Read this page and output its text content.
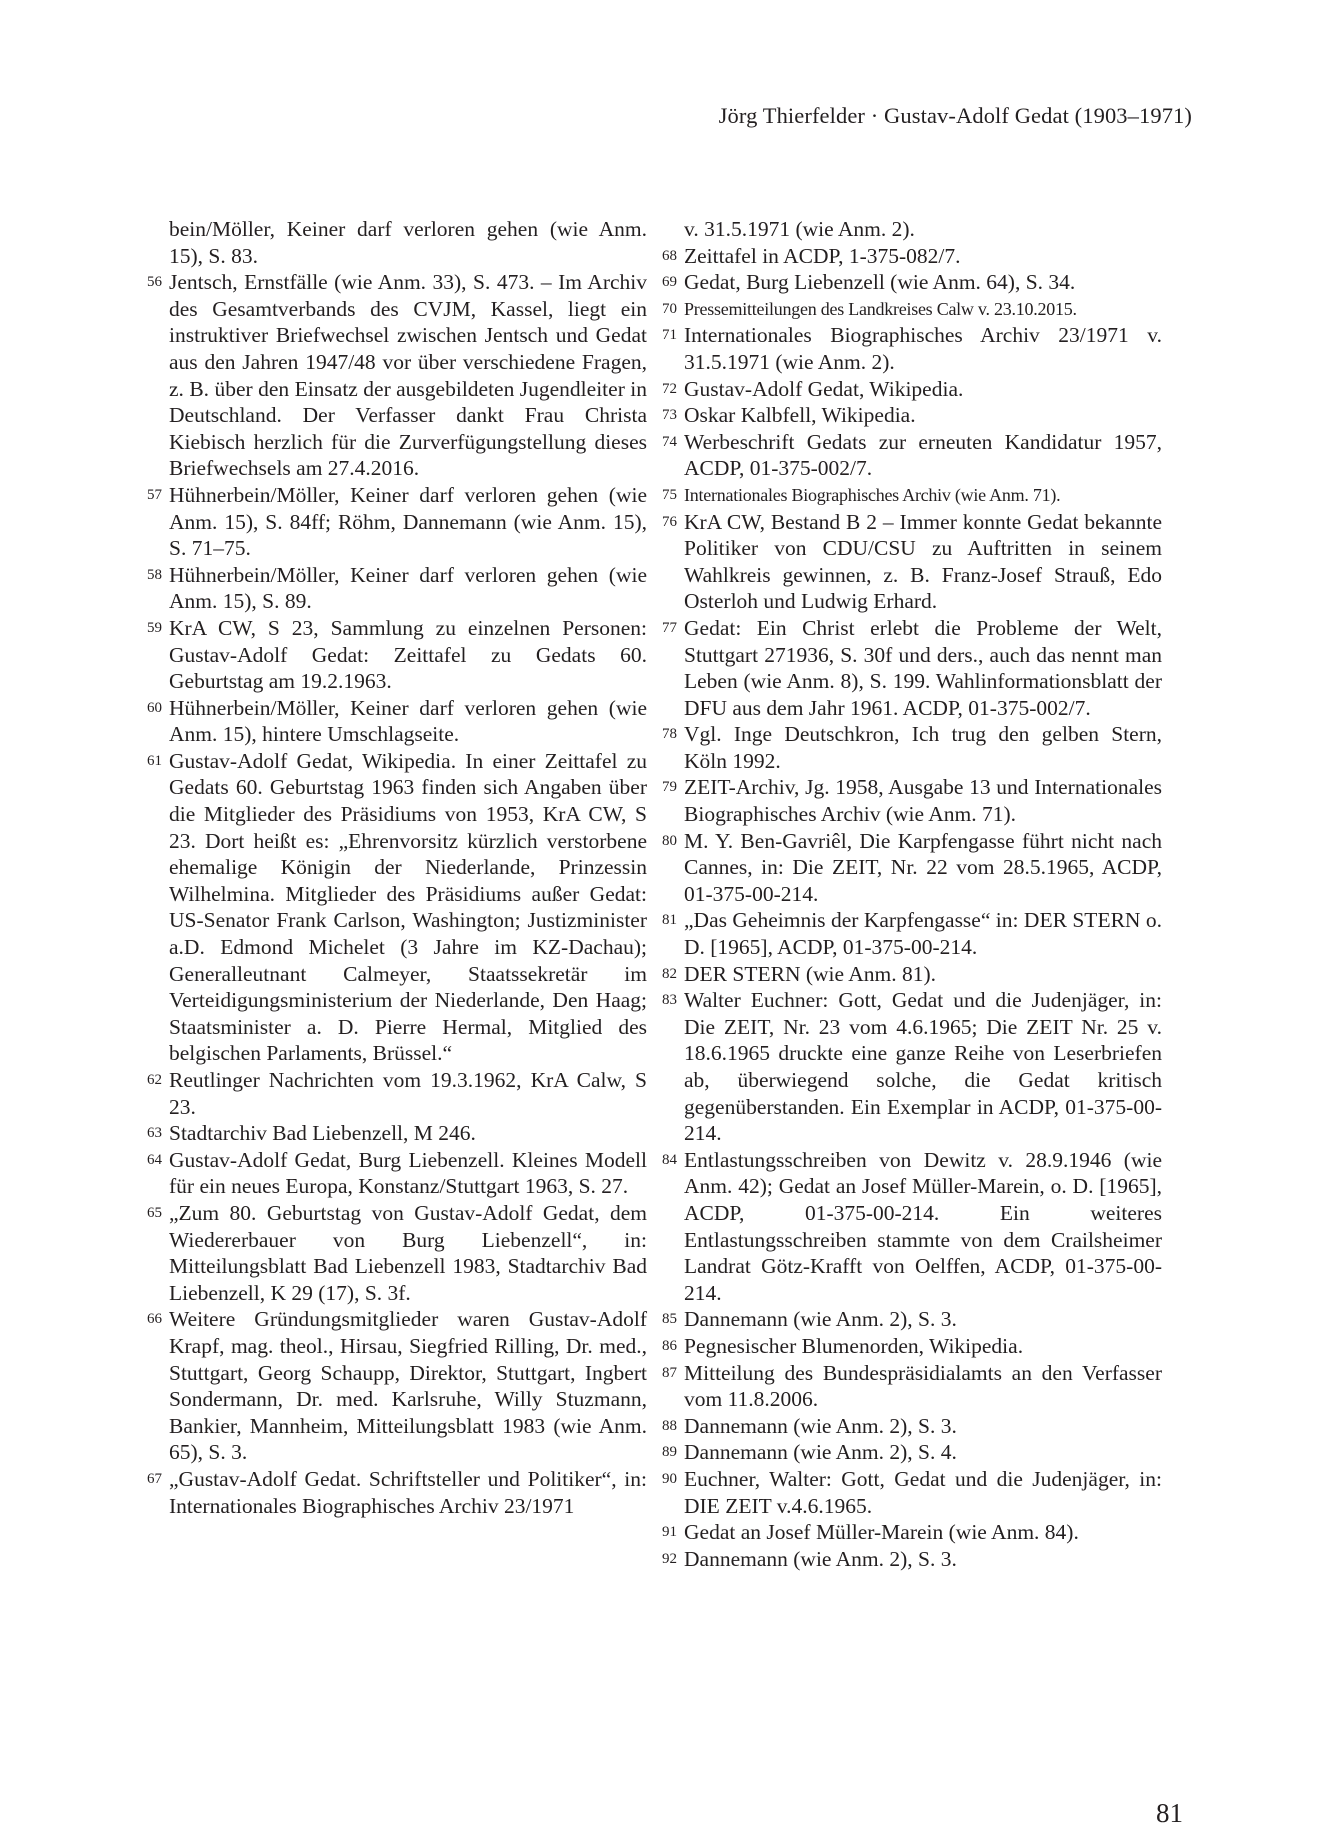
Jörg Thierfelder · Gustav-Adolf Gedat (1903–1971)
bein/Möller, Keiner darf verloren gehen (wie Anm. 15), S. 83.
56 Jentsch, Ernstfälle (wie Anm. 33), S. 473. – Im Archiv des Gesamtverbands des CVJM, Kassel, liegt ein instruktiver Briefwechsel zwischen Jentsch und Gedat aus den Jahren 1947/48 vor über verschiedene Fragen, z. B. über den Einsatz der ausgebildeten Jugendleiter in Deutschland. Der Verfasser dankt Frau Christa Kiebisch herzlich für die Zurverfügungstellung dieses Briefwechsels am 27.4.2016.
57 Hühnerbein/Möller, Keiner darf verloren gehen (wie Anm. 15), S. 84ff; Röhm, Dannemann (wie Anm. 15), S. 71–75.
58 Hühnerbein/Möller, Keiner darf verloren gehen (wie Anm. 15), S. 89.
59 KrA CW, S 23, Sammlung zu einzelnen Personen: Gustav-Adolf Gedat: Zeittafel zu Gedats 60. Geburtstag am 19.2.1963.
60 Hühnerbein/Möller, Keiner darf verloren gehen (wie Anm. 15), hintere Umschlagseite.
61 Gustav-Adolf Gedat, Wikipedia. In einer Zeittafel zu Gedats 60. Geburtstag 1963 finden sich Angaben über die Mitglieder des Präsidiums von 1953, KrA CW, S 23. Dort heißt es: „Ehrenvorsitz kürzlich verstorbene ehemalige Königin der Niederlande, Prinzessin Wilhelmina. Mitglieder des Präsidiums außer Gedat: US-Senator Frank Carlson, Washington; Justizminister a.D. Edmond Michelet (3 Jahre im KZ-Dachau); Generalleutnant Calmeyer, Staatssekretär im Verteidigungsministerium der Niederlande, Den Haag; Staatsminister a. D. Pierre Hermal, Mitglied des belgischen Parlaments, Brüssel.“
62 Reutlinger Nachrichten vom 19.3.1962, KrA Calw, S 23.
63 Stadtarchiv Bad Liebenzell, M 246.
64 Gustav-Adolf Gedat, Burg Liebenzell. Kleines Modell für ein neues Europa, Konstanz/Stuttgart 1963, S. 27.
65 „Zum 80. Geburtstag von Gustav-Adolf Gedat, dem Wiedererbauer von Burg Liebenzell“, in: Mitteilungsblatt Bad Liebenzell 1983, Stadtarchiv Bad Liebenzell, K 29 (17), S. 3f.
66 Weitere Gründungsmitglieder waren Gustav-Adolf Krapf, mag. theol., Hirsau, Siegfried Rilling, Dr. med., Stuttgart, Georg Schaupp, Direktor, Stuttgart, Ingbert Sondermann, Dr. med. Karlsruhe, Willy Stuzmann, Bankier, Mannheim, Mitteilungsblatt 1983 (wie Anm. 65), S. 3.
67 „Gustav-Adolf Gedat. Schriftsteller und Politiker“, in: Internationales Biographisches Archiv 23/1971
v. 31.5.1971 (wie Anm. 2).
68 Zeittafel in ACDP, 1-375-082/7.
69 Gedat, Burg Liebenzell (wie Anm. 64), S. 34.
70 Pressemitteilungen des Landkreises Calw v. 23.10.2015.
71 Internationales Biographisches Archiv 23/1971 v. 31.5.1971 (wie Anm. 2).
72 Gustav-Adolf Gedat, Wikipedia.
73 Oskar Kalbfell, Wikipedia.
74 Werbeschrift Gedats zur erneuten Kandidatur 1957, ACDP, 01-375-002/7.
75 Internationales Biographisches Archiv (wie Anm. 71).
76 KrA CW, Bestand B 2 – Immer konnte Gedat bekannte Politiker von CDU/CSU zu Auftritten in seinem Wahlkreis gewinnen, z. B. Franz-Josef Strauß, Edo Osterloh und Ludwig Erhard.
77 Gedat: Ein Christ erlebt die Probleme der Welt, Stuttgart 271936, S. 30f und ders., auch das nennt man Leben (wie Anm. 8), S. 199. Wahlinformationsblatt der DFU aus dem Jahr 1961. ACDP, 01-375-002/7.
78 Vgl. Inge Deutschkron, Ich trug den gelben Stern, Köln 1992.
79 ZEIT-Archiv, Jg. 1958, Ausgabe 13 und Internationales Biographisches Archiv (wie Anm. 71).
80 M. Y. Ben-Gavriêl, Die Karpfengasse führt nicht nach Cannes, in: Die ZEIT, Nr. 22 vom 28.5.1965, ACDP, 01-375-00-214.
81 „Das Geheimnis der Karpfengasse“ in: DER STERN o. D. [1965], ACDP, 01-375-00-214.
82 DER STERN (wie Anm. 81).
83 Walter Euchner: Gott, Gedat und die Judenjäger, in: Die ZEIT, Nr. 23 vom 4.6.1965; Die ZEIT Nr. 25 v. 18.6.1965 druckte eine ganze Reihe von Leserbriefen ab, überwiegend solche, die Gedat kritisch gegenüberstanden. Ein Exemplar in ACDP, 01-375-00-214.
84 Entlastungsschreiben von Dewitz v. 28.9.1946 (wie Anm. 42); Gedat an Josef Müller-Marein, o. D. [1965], ACDP, 01-375-00-214. Ein weiteres Entlastungsschreiben stammte von dem Crailsheimer Landrat Götz-Krafft von Oelffen, ACDP, 01-375-00-214.
85 Dannemann (wie Anm. 2), S. 3.
86 Pegnesischer Blumenorden, Wikipedia.
87 Mitteilung des Bundespräsidialamts an den Verfasser vom 11.8.2006.
88 Dannemann (wie Anm. 2), S. 3.
89 Dannemann (wie Anm. 2), S. 4.
90 Euchner, Walter: Gott, Gedat und die Judenjäger, in: DIE ZEIT v.4.6.1965.
91 Gedat an Josef Müller-Marein (wie Anm. 84).
92 Dannemann (wie Anm. 2), S. 3.
81
